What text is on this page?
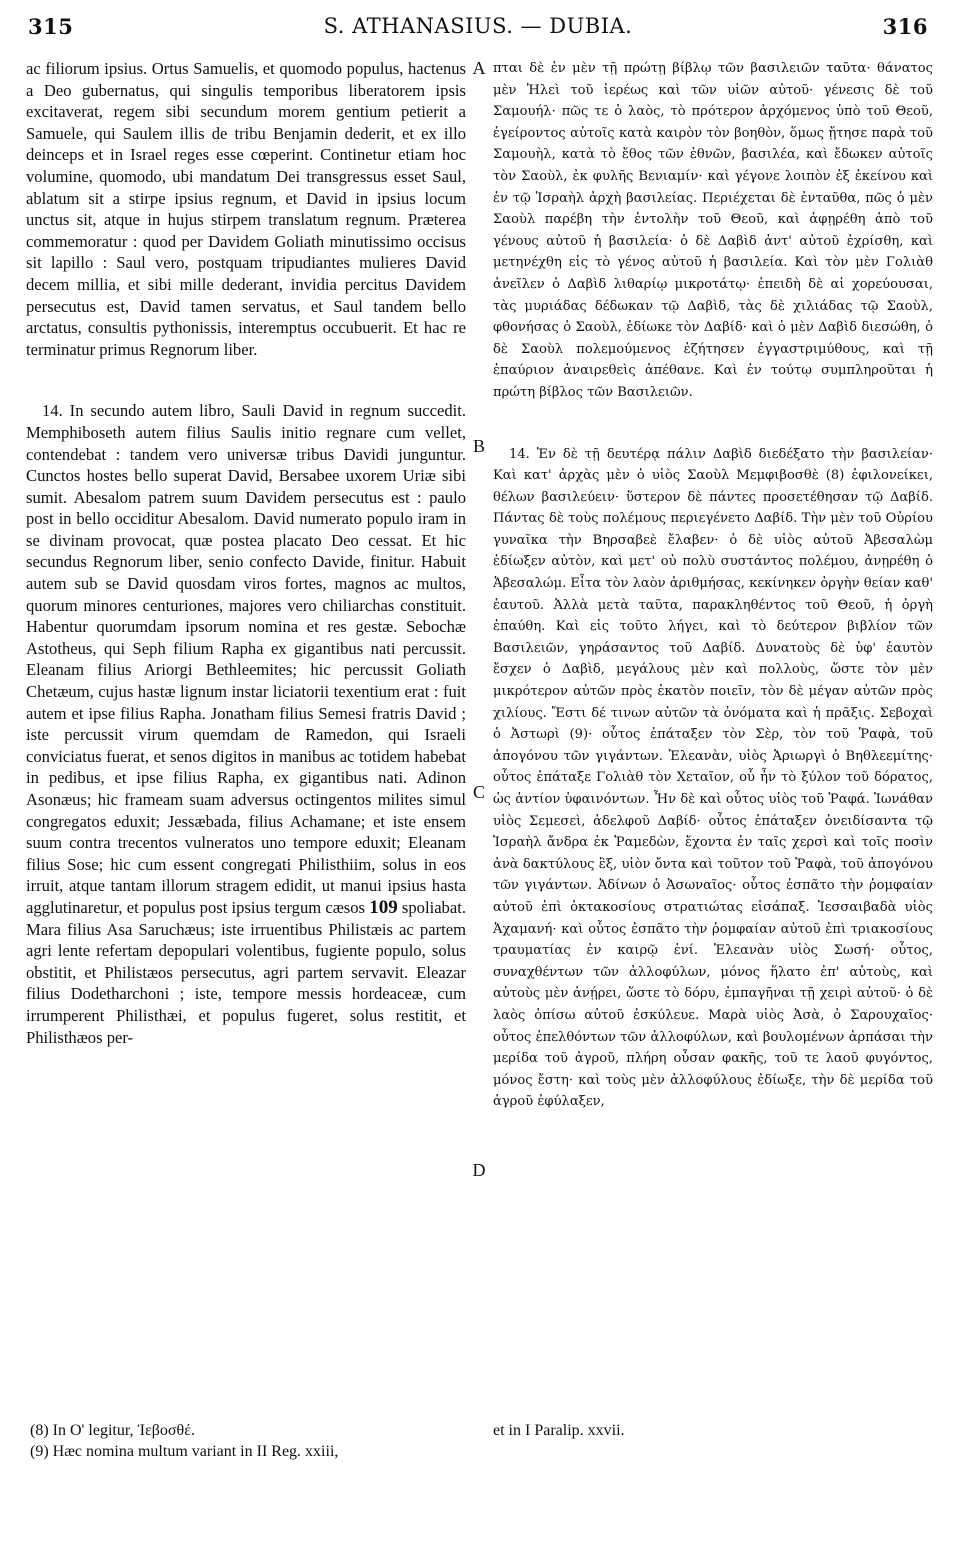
315	S. ATHANASIUS. — DUBIA.	316

ac filiorum ipsius. Ortus Samuelis, et quomodo populus, hactenus a Deo gubernatus, qui singulis temporibus liberatorem ipsis excitaverat, regem sibi secundum morem gentium petierit a Samuele, qui Saulem illis de tribu Benjamin dederit, et ex illo deinceps et in Israel reges esse cœperint. Continetur etiam hoc volumine, quomodo, ubi mandatum Dei transgressus esset Saul, ablatum sit a stirpe ipsius regnum, et David in ipsius locum unctus sit, atque in hujus stirpem translatum regnum. Præterea commemoratur : quod per Davidem Goliath minutissimo occisus sit lapillo : Saul vero, postquam tripudiantes mulieres David decem millia, et sibi mille dederant, invidia percitus Davidem persecutus est, David tamen servatus, et Saul tandem bello arctatus, consultis pythonissis, interemptus occubuerit. Et hac re terminatur primus Regnorum liber.

14. In secundo autem libro, Sauli David in regnum succedit. Memphiboseth autem filius Saulis initio regnare cum vellet, contendebat : tandem vero universæ tribus Davidi junguntur. Cunctos hostes bello superat David, Bersabee uxorem Uriæ sibi sumit. Abesalom patrem suum Davidem persecutus est : paulo post in bello occiditur Abesalom. David numerato populo iram in se divinam provocat, quæ postea placato Deo cessat. Et hic secundus Regnorum liber, senio confecto Davide, finitur. Habuit autem sub se David quosdam viros fortes, magnos ac multos, quorum minores centuriones, majores vero chiliarchas constituit. Habentur quorumdam ipsorum nomina et res gestæ. Sebochæ Astotheus, qui Seph filium Rapha ex gigantibus nati percussit. Eleanam filius Ariorgi Bethleemites; hic percussit Goliath Chetæum, cujus hastæ lignum instar liciatorii texentium erat : fuit autem et ipse filius Rapha. Jonatham filius Semesi fratris David ; iste percussit virum quemdam de Ramedon, qui Israeli conviciatus fuerat, et senos digitos in manibus ac totidem habebat in pedibus, et ipse filius Rapha, ex gigantibus nati. Adinon Asonæus; hic frameam suam adversus octingentos milites simul congregatos eduxit; Jessæbada, filius Achamane; et iste ensem suum contra trecentos vulneratos uno tempore eduxit; Eleanam filius Sose; hic cum essent congregati Philisthiim, solus in eos irruit, atque tantam illorum stragem edidit, ut manui ipsius hasta agglutinaretur, et populus post ipsius tergum cæsos 109 spoliabat. Mara filius Asa Saruchæus; iste irruentibus Philistæis ac partem agri lente refertam depopulari volentibus, fugiente populo, solus obstitit, et Philistæos persecutus, agri partem servavit. Eleazar filius Dodetharchoni ; iste, tempore messis hordeaceæ, cum irrumperent Philisthæi, et populus fugeret, solus restitit, et Philisthæos per-

A
B
C
D

πται δὲ ἐν μὲν τῇ πρώτῃ βίβλῳ τῶν βασιλειῶν ταῦτα· θάνατος μὲν Ἠλεὶ τοῦ ἱερέως καὶ τῶν υἱῶν αὐτοῦ· γένεσις δὲ τοῦ Σαμουήλ· πῶς τε ὁ λαὸς, τὸ πρότερον ἀρχόμενος ὑπὸ τοῦ Θεοῦ, ἐγείροντος αὐτοῖς κατὰ καιρὸν τὸν βοηθὸν, ὅμως ᾔτησε παρὰ τοῦ Σαμουὴλ, κατὰ τὸ ἔθος τῶν ἐθνῶν, βασιλέα, καὶ ἔδωκεν αὐτοῖς τὸν Σαοὺλ, ἐκ φυλῆς Βενιαμίν· καὶ γέγονε λοιπὸν ἐξ ἐκείνου καὶ ἐν τῷ Ἰσραὴλ ἀρχὴ βασιλείας. Περιέχεται δὲ ἐνταῦθα, πῶς ὁ μὲν Σαοὺλ παρέβη τὴν ἐντολὴν τοῦ Θεοῦ, καὶ ἀφῃρέθη ἀπὸ τοῦ γένους αὐτοῦ ἡ βασιλεία· ὁ δὲ Δαβὶδ ἀντ' αὐτοῦ ἐχρίσθη, καὶ μετηνέχθη εἰς τὸ γένος αὐτοῦ ἡ βασιλεία. Καὶ τὸν μὲν Γολιὰθ ἀνεῖλεν ὁ Δαβὶδ λιθαρίῳ μικροτάτῳ· ἐπειδὴ δὲ αἱ χορεύουσαι, τὰς μυριάδας δέδωκαν τῷ Δαβὶδ, τὰς δὲ χιλιάδας τῷ Σαοὺλ, φθονήσας ὁ Σαοὺλ, ἐδίωκε τὸν Δαβίδ· καὶ ὁ μὲν Δαβὶδ διεσώθη, ὁ δὲ Σαοὺλ πολεμούμενος ἐζήτησεν ἐγγαστριμύθους, καὶ τῇ ἐπαύριον ἀναιρεθεὶς ἀπέθανε. Καὶ ἐν τούτῳ συμπληροῦται ἡ πρώτη βίβλος τῶν Βασιλειῶν.

14. Ἐν δὲ τῇ δευτέρᾳ πάλιν Δαβὶδ διεδέξατο τὴν βασιλείαν· Καὶ κατ' ἀρχὰς μὲν ὁ υἱὸς Σαοὺλ Μεμφιβοσθὲ (8) ἐφιλονείκει, θέλων βασιλεύειν· ὕστερον δὲ πάντες προσετέθησαν τῷ Δαβίδ. Πάντας δὲ τοὺς πολέμους περιεγένετο Δαβίδ. Τὴν μὲν τοῦ Οὐρίου γυναῖκα τὴν Βηρσαβεὲ ἔλαβεν· ὁ δὲ υἱὸς αὐτοῦ Ἀβεσαλὼμ ἐδίωξεν αὐτὸν, καὶ μετ' οὐ πολὺ συστάντος πολέμου, ἀνῃρέθη ὁ Ἀβεσαλώμ. Εἶτα τὸν λαὸν ἀριθμήσας, κεκίνηκεν ὀργὴν θείαν καθ' ἑαυτοῦ. Ἀλλὰ μετὰ ταῦτα, παρακληθέντος τοῦ Θεοῦ, ἡ ὀργὴ ἐπαύθη. Καὶ εἰς τοῦτο λήγει, καὶ τὸ δεύτερον βιβλίον τῶν Βασιλειῶν, γηράσαντος τοῦ Δαβίδ. Δυνατοὺς δὲ ὑφ' ἑαυτὸν ἔσχεν ὁ Δαβὶδ, μεγάλους μὲν καὶ πολλοὺς, ὥστε τὸν μὲν μικρότερον αὐτῶν πρὸς ἑκατὸν ποιεῖν, τὸν δὲ μέγαν αὐτῶν πρὸς χιλίους. Ἔστι δέ τινων αὐτῶν τὰ ὀνόματα καὶ ἡ πρᾶξις. Σεβοχαὶ ὁ Ἀστωρὶ (9)· οὗτος ἐπάταξεν τὸν Σὲρ, τὸν τοῦ Ῥαφὰ, τοῦ ἀπογόνου τῶν γιγάντων. Ἐλεανὰν, υἱὸς Ἀριωργὶ ὁ Βηθλεεμίτης· οὗτος ἐπάταξε Γολιὰθ τὸν Χεταῖον, οὗ ἦν τὸ ξύλον τοῦ δόρατος, ὡς ἀντίον ὑφαινόντων. Ἦν δὲ καὶ οὗτος υἱὸς τοῦ Ῥαφά. Ἰωνάθαν υἱὸς Σεμεσεὶ, ἀδελφοῦ Δαβίδ· οὗτος ἐπάταξεν ὀνειδίσαντα τῷ Ἰσραὴλ ἄνδρα ἐκ Ῥαμεδὼν, ἔχοντα ἐν ταῖς χερσὶ καὶ τοῖς ποσὶν ἀνὰ δακτύλους ἓξ, υἱὸν ὄντα καὶ τοῦτον τοῦ Ῥαφὰ, τοῦ ἀπογόνου τῶν γιγάντων. Ἀδίνων ὁ Ἀσωναῖος· οὗτος ἐσπᾶτο τὴν ῥομφαίαν αὐτοῦ ἐπὶ ὀκτακοσίους στρατιώτας εἰσάπαξ. Ἰεσσαιβαδὰ υἱὸς Ἀχαμανή· καὶ οὗτος ἐσπᾶτο τὴν ῥομφαίαν αὐτοῦ ἐπὶ τριακοσίους τραυματίας ἐν καιρῷ ἑνί. Ἐλεανὰν υἱὸς Σωσή· οὗτος, συναχθέντων τῶν ἀλλοφύλων, μόνος ἥλατο ἐπ' αὐτοὺς, καὶ αὐτοὺς μὲν ἀνῄρει, ὥστε τὸ δόρυ, ἐμπαγῆναι τῇ χειρὶ αὐτοῦ· ὁ δὲ λαὸς ὀπίσω αὐτοῦ ἐσκύλευε. Μαρὰ υἱὸς Ἀσὰ, ὁ Σαρουχαῖος· οὗτος ἐπελθόντων τῶν ἀλλοφύλων, καὶ βουλομένων ἁρπάσαι τὴν μερίδα τοῦ ἀγροῦ, πλήρη οὖσαν φακῆς, τοῦ τε λαοῦ φυγόντος, μόνος ἔστη· καὶ τοὺς μὲν ἀλλοφύλους ἐδίωξε, τὴν δὲ μερίδα τοῦ ἀγροῦ ἐφύλαξεν,

(8) In O' legitur, Ἰεβοσθέ.

(9) Hæc nomina multum variant in II Reg. xxiii,

et in I Paralip. xxvii.
